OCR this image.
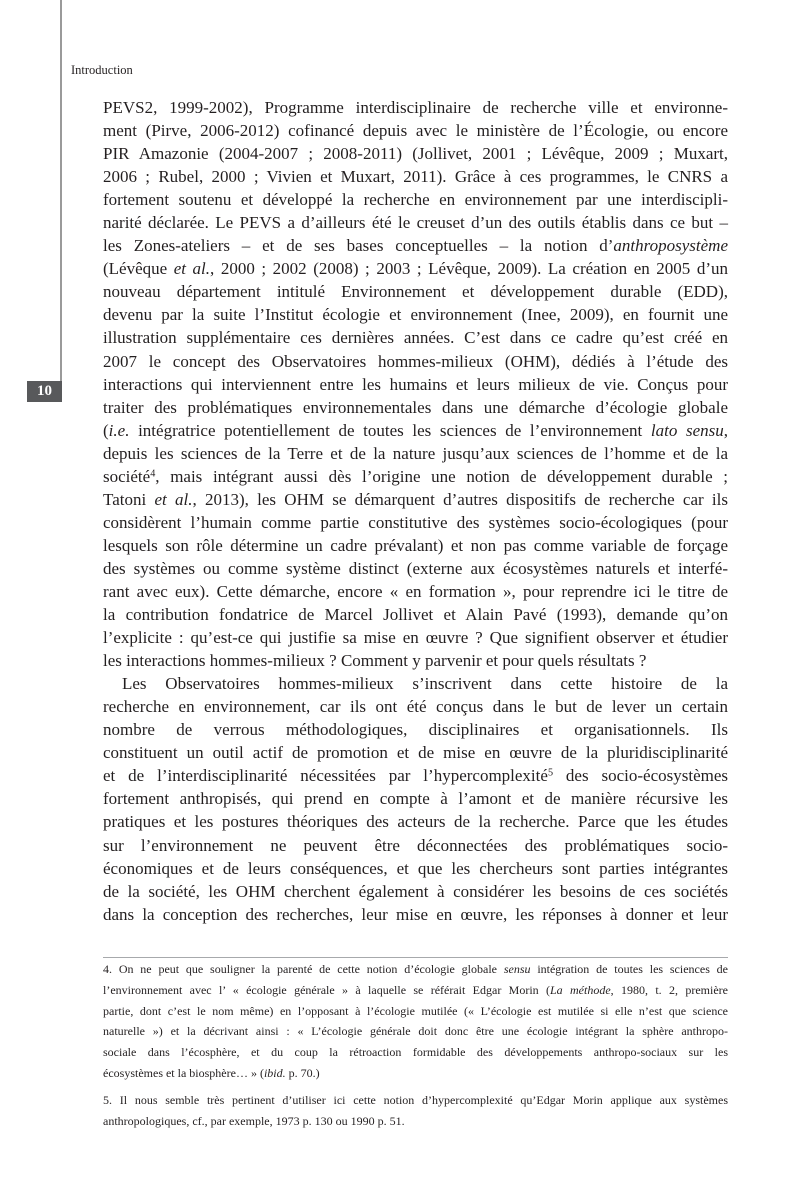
10
Introduction
PEVS2, 1999-2002), Programme interdisciplinaire de recherche ville et environne-
ment (Pirve, 2006-2012) cofinancé depuis avec le ministère de l’Écologie, ou encore
PIR Amazonie (2004-2007 ; 2008-2011) (Jollivet, 2001 ; Lévêque, 2009 ; Muxart,
2006 ; Rubel, 2000 ; Vivien et Muxart, 2011). Grâce à ces programmes, le CNRS a
fortement soutenu et développé la recherche en environnement par une interdiscipli-
narité déclarée. Le PEVS a d’ailleurs été le creuset d’un des outils établis dans ce but –
les Zones-ateliers – et de ses bases conceptuelles – la notion d’anthroposystème
(Lévêque et al., 2000 ; 2002 (2008) ; 2003 ; Lévêque, 2009). La création en 2005 d’un
nouveau département intitulé Environnement et développement durable (EDD),
devenu par la suite l’Institut écologie et environnement (Inee, 2009), en fournit une
illustration supplémentaire ces dernières années. C’est dans ce cadre qu’est créé en
2007 le concept des Observatoires hommes-milieux (OHM), dédiés à l’étude des
interactions qui interviennent entre les humains et leurs milieux de vie. Conçus pour
traiter des problématiques environnementales dans une démarche d’écologie globale
(i.e. intégratrice potentiellement de toutes les sciences de l’environnement lato sensu,
depuis les sciences de la Terre et de la nature jusqu’aux sciences de l’homme et de la
société$^4$, mais intégrant aussi dès l’origine une notion de développement durable ;
Tatoni et al., 2013), les OHM se démarquent d’autres dispositifs de recherche car ils
considèrent l’humain comme partie constitutive des systèmes socio-écologiques (pour
lesquels son rôle détermine un cadre prévalant) et non pas comme variable de forçage
des systèmes ou comme système distinct (externe aux écosystèmes naturels et interfé-
rant avec eux). Cette démarche, encore « en formation », pour reprendre ici le titre de
la contribution fondatrice de Marcel Jollivet et Alain Pavé (1993), demande qu’on
l’explicite : qu’est-ce qui justifie sa mise en œuvre ? Que signifient observer et étudier
les interactions hommes-milieux ? Comment y parvenir et pour quels résultats ?
Les Observatoires hommes-milieux s’inscrivent dans cette histoire de la
recherche en environnement, car ils ont été conçus dans le but de lever un certain
nombre de verrous méthodologiques, disciplinaires et organisationnels. Ils
constituent un outil actif de promotion et de mise en œuvre de la pluridisciplinarité
et de l’interdisciplinarité nécessitées par l’hypercomplexité$^5$ des socio-écosystèmes
fortement anthropisés, qui prend en compte à l’amont et de manière récursive les
pratiques et les postures théoriques des acteurs de la recherche. Parce que les études
sur l’environnement ne peuvent être déconnectées des problématiques socio-
économiques et de leurs conséquences, et que les chercheurs sont parties intégrantes
de la société, les OHM cherchent également à considérer les besoins de ces sociétés
dans la conception des recherches, leur mise en œuvre, les réponses à donner et leur
4. On ne peut que souligner la parenté de cette notion d’écologie globale sensu intégration de toutes les sciences de
l’environnement avec l’ « écologie générale » à laquelle se référait Edgar Morin (La méthode, 1980, t. 2, première
partie, dont c’est le nom même) en l’opposant à l’écologie mutilée (« L’écologie est mutilée si elle n’est que science
naturelle ») et la décrivant ainsi : « L’écologie générale doit donc être une écologie intégrant la sphère anthropo-
sociale dans l’écosphère, et du coup la rétroaction formidable des développements anthropo-sociaux sur les
écosystèmes et la biosphère… » (ibid. p. 70.)
5. Il nous semble très pertinent d’utiliser ici cette notion d’hypercomplexité qu’Edgar Morin applique aux systèmes
anthropologiques, cf., par exemple, 1973 p. 130 ou 1990 p. 51.
